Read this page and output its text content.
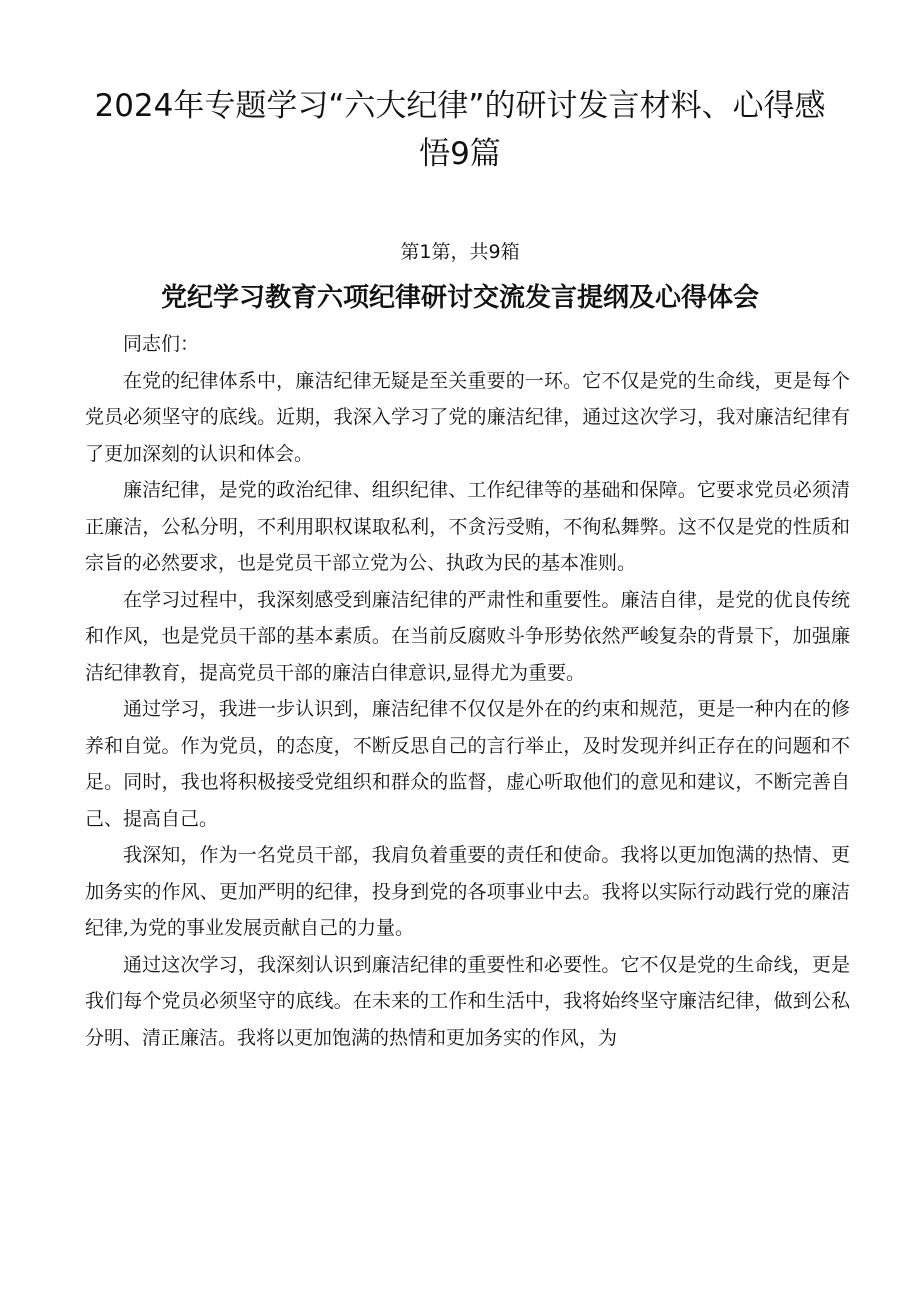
2024年专题学习“六大纪律”的研讨发言材料、心得感悟9篇
第1第，共9箱
党纪学习教育六项纪律研讨交流发言提纲及心得体会

同志们：

在党的纪律体系中，廉洁纪律无疑是至关重要的一环。它不仅是党的生命线，更是每个党员必须坚守的底线。近期，我深入学习了党的廉洁纪律，通过这次学习，我对廉洁纪律有了更加深刻的认识和体会。

廉洁纪律，是党的政治纪律、组织纪律、工作纪律等的基础和保障。它要求党员必须清正廉洁，公私分明，不利用职权谋取私利，不贪污受贿，不徇私舞弊。这不仅是党的性质和宗旨的必然要求，也是党员干部立党为公、执政为民的基本准则。

在学习过程中，我深刻感受到廉洁纪律的严肃性和重要性。廉洁自律，是党的优良传统和作风，也是党员干部的基本素质。在当前反腐败斗争形势依然严峻复杂的背景下，加强廉洁纪律教育，提高党员干部的廉洁白律意识,显得尤为重要。

通过学习，我进一步认识到，廉洁纪律不仅仅是外在的约束和规范，更是一种内在的修养和自觉。作为党员，的态度，不断反思自己的言行举止，及时发现并纠正存在的问题和不足。同时，我也将积极接受党组织和群众的监督，虚心听取他们的意见和建议，不断完善自己、提高自己。

我深知，作为一名党员干部，我肩负着重要的责任和使命。我将以更加饱满的热情、更加务实的作风、更加严明的纪律，投身到党的各项事业中去。我将以实际行动践行党的廉洁纪律,为党的事业发展贡献自己的力量。

通过这次学习，我深刻认识到廉洁纪律的重要性和必要性。它不仅是党的生命线，更是我们每个党员必须坚守的底线。在未来的工作和生活中，我将始终坚守廉洁纪律，做到公私分明、清正廉洁。我将以更加饱满的热情和更加务实的作风，为
